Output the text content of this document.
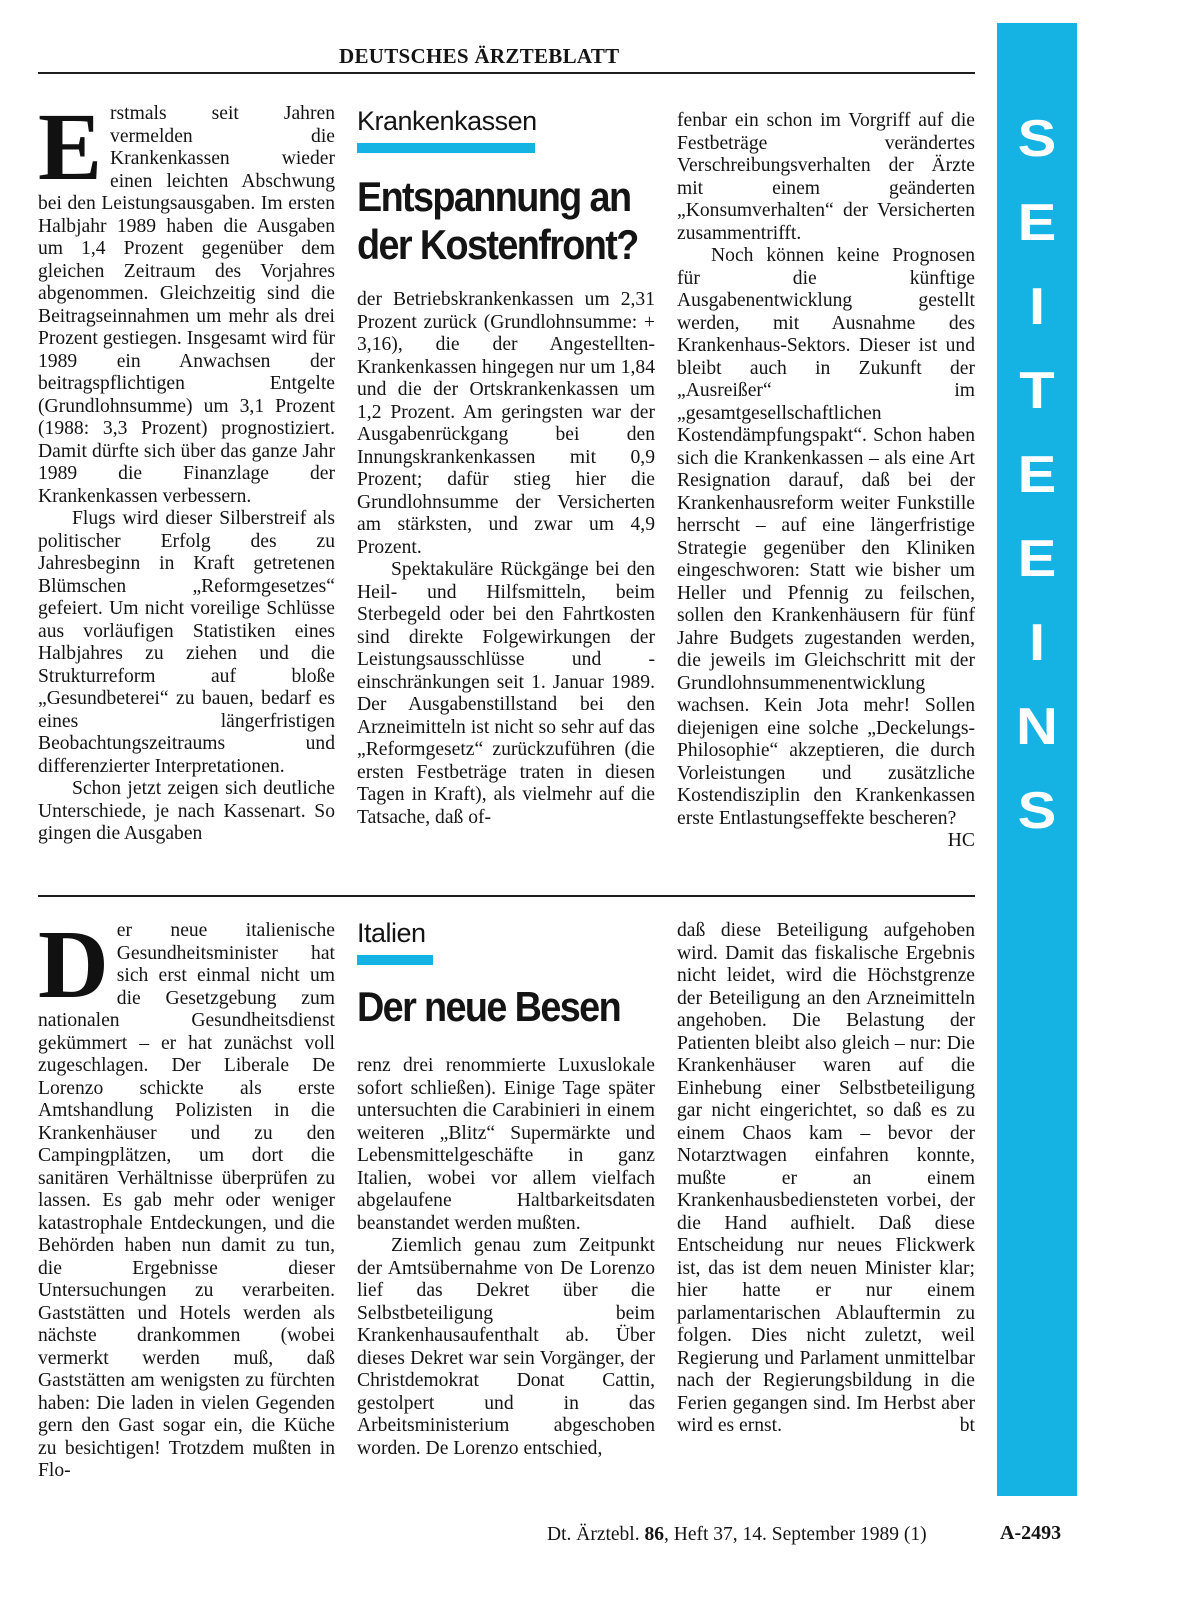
DEUTSCHES ÄRZTEBLATT
S
E
I
T
E
E
I
N
S
E rstmals seit Jahren vermelden die Krankenkassen wieder einen leichten Abschwung bei den Leistungsausgaben. Im ersten Halbjahr 1989 haben die Ausgaben um 1,4 Prozent gegenüber dem gleichen Zeitraum des Vorjahres abgenommen. Gleichzeitig sind die Beitragseinnahmen um mehr als drei Prozent gestiegen. Insgesamt wird für 1989 ein Anwachsen der beitragspflichtigen Entgelte (Grundlohnsumme) um 3,1 Prozent (1988: 3,3 Prozent) prognostiziert. Damit dürfte sich über das ganze Jahr 1989 die Finanzlage der Krankenkassen verbessern.

Flugs wird dieser Silberstreif als politischer Erfolg des zu Jahresbeginn in Kraft getretenen Blümschen „Reformgesetzes“ gefeiert. Um nicht voreilige Schlüsse aus vorläufigen Statistiken eines Halbjahres zu ziehen und die Strukturreform auf bloße „Gesundbeterei“ zu bauen, bedarf es eines längerfristigen Beobachtungszeitraums und differenzierter Interpretationen.

Schon jetzt zeigen sich deutliche Unterschiede, je nach Kassenart. So gingen die Ausgaben

Krankenkassen
Entspannung an
der Kostenfront?

der Betriebskrankenkassen um 2,31 Prozent zurück (Grundlohnsumme: + 3,16), die der Angestellten-Krankenkassen hingegen nur um 1,84 und die der Ortskrankenkassen um 1,2 Prozent. Am geringsten war der Ausgabenrückgang bei den Innungskrankenkassen mit 0,9 Prozent; dafür stieg hier die Grundlohnsumme der Versicherten am stärksten, und zwar um 4,9 Prozent.

Spektakuläre Rückgänge bei den Heil- und Hilfsmitteln, beim Sterbegeld oder bei den Fahrtkosten sind direkte Folgewirkungen der Leistungsausschlüsse und -einschränkungen seit 1. Januar 1989. Der Ausgabenstillstand bei den Arzneimitteln ist nicht so sehr auf das „Reformgesetz“ zurückzuführen (die ersten Festbeträge traten in diesen Tagen in Kraft), als vielmehr auf die Tatsache, daß of-

fenbar ein schon im Vorgriff auf die Festbeträge verändertes Verschreibungsverhalten der Ärzte mit einem geänderten „Konsumverhalten“ der Versicherten zusammentrifft.

Noch können keine Prognosen für die künftige Ausgabenentwicklung gestellt werden, mit Ausnahme des Krankenhaus-Sektors. Dieser ist und bleibt auch in Zukunft der „Ausreißer“ im „gesamtgesellschaftlichen Kostendämpfungspakt“. Schon haben sich die Krankenkassen – als eine Art Resignation darauf, daß bei der Krankenhausreform weiter Funkstille herrscht – auf eine längerfristige Strategie gegenüber den Kliniken eingeschworen: Statt wie bisher um Heller und Pfennig zu feilschen, sollen den Krankenhäusern für fünf Jahre Budgets zugestanden werden, die jeweils im Gleichschritt mit der Grundlohnsummenentwicklung wachsen. Kein Jota mehr! Sollen diejenigen eine solche „Deckelungs-Philosophie“ akzeptieren, die durch Vorleistungen und zusätzliche Kostendisziplin den Krankenkassen erste Entlastungseffekte bescheren?
HC

D er neue italienische Gesundheitsminister hat sich erst einmal nicht um die Gesetzgebung zum nationalen Gesundheitsdienst gekümmert – er hat zunächst voll zugeschlagen. Der Liberale De Lorenzo schickte als erste Amtshandlung Polizisten in die Krankenhäuser und zu den Campingplätzen, um dort die sanitären Verhältnisse überprüfen zu lassen. Es gab mehr oder weniger katastrophale Entdeckungen, und die Behörden haben nun damit zu tun, die Ergebnisse dieser Untersuchungen zu verarbeiten. Gaststätten und Hotels werden als nächste drankommen (wobei vermerkt werden muß, daß Gaststätten am wenigsten zu fürchten haben: Die laden in vielen Gegenden gern den Gast sogar ein, die Küche zu besichtigen! Trotzdem mußten in Flo-

Italien
Der neue Besen

renz drei renommierte Luxuslokale sofort schließen). Einige Tage später untersuchten die Carabinieri in einem weiteren „Blitz“ Supermärkte und Lebensmittelgeschäfte in ganz Italien, wobei vor allem vielfach abgelaufene Haltbarkeitsdaten beanstandet werden mußten.

Ziemlich genau zum Zeitpunkt der Amtsübernahme von De Lorenzo lief das Dekret über die Selbstbeteiligung beim Krankenhausaufenthalt ab. Über dieses Dekret war sein Vorgänger, der Christdemokrat Donat Cattin, gestolpert und in das Arbeitsministerium abgeschoben worden. De Lorenzo entschied,

daß diese Beteiligung aufgehoben wird. Damit das fiskalische Ergebnis nicht leidet, wird die Höchstgrenze der Beteiligung an den Arzneimitteln angehoben. Die Belastung der Patienten bleibt also gleich – nur: Die Krankenhäuser waren auf die Einhebung einer Selbstbeteiligung gar nicht eingerichtet, so daß es zu einem Chaos kam – bevor der Notarztwagen einfahren konnte, mußte er an einem Krankenhausbediensteten vorbei, der die Hand aufhielt. Daß diese Entscheidung nur neues Flickwerk ist, das ist dem neuen Minister klar; hier hatte er nur einem parlamentarischen Ablauftermin zu folgen. Dies nicht zuletzt, weil Regierung und Parlament unmittelbar nach der Regierungsbildung in die Ferien gegangen sind. Im Herbst aber wird es ernst.	bt

Dt. Ärztebl. 86, Heft 37, 14. September 1989 (1)	A-2493
